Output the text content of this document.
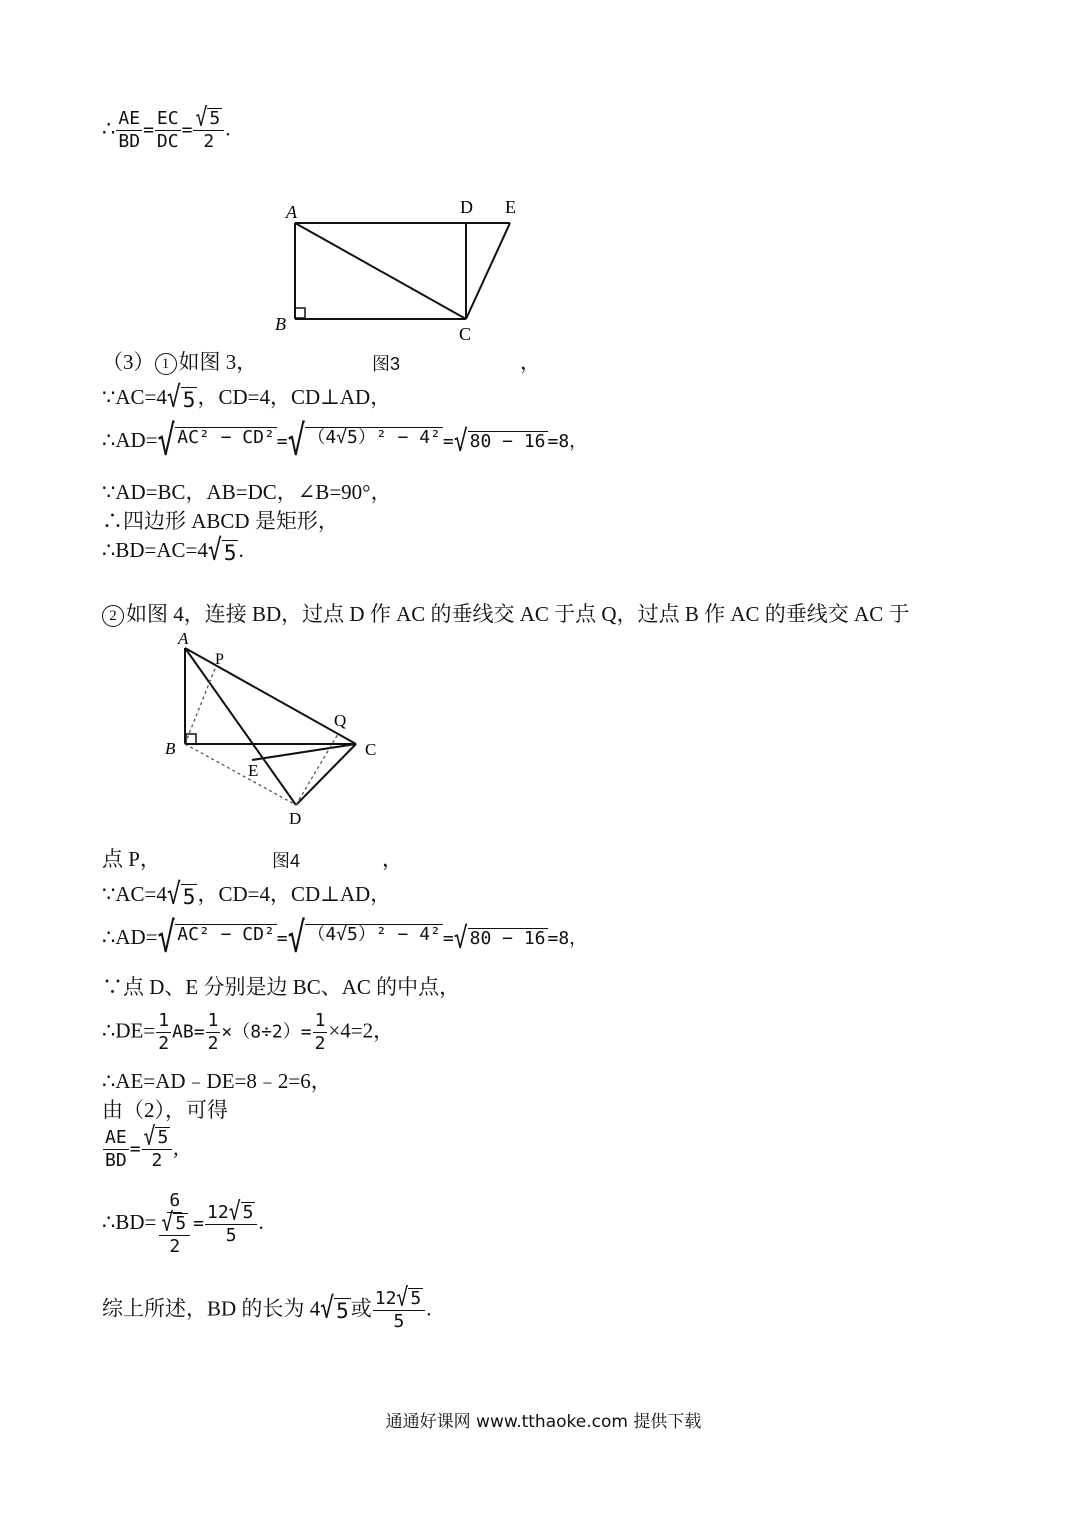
∴ $\frac{AE}{BD} = \frac{EC}{DC} = \frac{√ 5}{2}$ .
A
B	C
D E
（3） 1 如图 3，	图3	，
∵AC=4 √ 5 ，CD=4，CD⊥AD，
∴AD= √ AC² − CD² = √ （4√5）² − 4² = √ 80 − 16 =8，
∵AD=BC，AB=DC，∠B=90°，
∴四边形 ABCD 是矩形，
∴BD=AC=4 √ 5 .
2 如图 4，连接 BD，过点 D 作 AC 的垂线交 AC 于点 Q，过点 B 作 AC 的垂线交 AC 于
A
B	C
D
E
P
Q
点 P，	图4	，
∵AC=4 √ 5 ，CD=4，CD⊥AD，
∴AD= √ AC² − CD² = √ （4√5）² − 4² = √ 80 − 16 =8，
∵点 D、E 分别是边 BC、AC 的中点，
∴DE= $\frac{1}{2} AB= \frac{1}{2} \times(8\div 2)= \frac{1}{2} \times 4=2$，
∴AE=AD﹣DE=8﹣2=6，
由（2），可得
$\frac{AE}{BD} = \frac{√ 5}{2}$ ,
∴BD= $\frac{6}{\frac{√ 5}{2}} = \frac{12 √ 5}{5}$ .
综上所述，BD 的长为 4 √ 5 或 $\frac{12 √ 5}{5}$ .
通通好课网 www.tthaoke.com 提供下载
